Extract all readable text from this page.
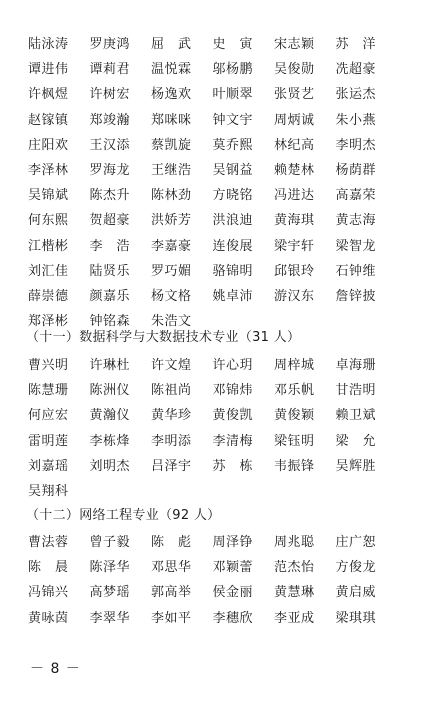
陆泳涛	罗庚鸿	屈　武	史　寅	宋志颖	苏　洋
谭进伟	谭莉君	温悦霖	邬杨鹏	吴俊勋	冼超豪
许枫煜	许树宏	杨逸欢	叶顺翠	张贤艺	张运杰
赵镓镇	郑竣瀚	郑咪咪	钟文宇	周炳诚	朱小燕
庄阳欢	王汉添	蔡凯旋	莫乔熙	林纪高	李明杰
李泽林	罗海龙	王继浩	吴钢益	赖楚林	杨荫群
吴锦斌	陈杰升	陈林劲	方晓铭	冯进达	高嘉荣
何东熙	贺超豪	洪娇芳	洪浪迪	黄海琪	黄志海
江楷彬	李　浩	李嘉豪	连俊展	梁宇轩	梁智龙
刘汇佳	陆贤乐	罗巧媚	骆锦明	邱银玲	石钟维
薛崇德	颜嘉乐	杨文格	姚卓沛	游汉东	詹锌披
郑泽彬	钟铭森	朱浩文
（十一）数据科学与大数据技术专业（31 人）
曹兴明	许琳杜	许文煌	许心玥	周梓城	卓海珊
陈慧珊	陈洲仪	陈祖尚	邓锦炜	邓乐帆	甘浩明
何应宏	黄瀚仪	黄华珍	黄俊凯	黄俊颖	赖卫斌
雷明莲	李栋烽	李明添	李清梅	梁钰明	梁　允
刘嘉瑶	刘明杰	吕泽宇	苏　栋	韦振锋	吴辉胜
吴翔科
（十二）网络工程专业（92 人）
曹法蓉	曾子毅	陈　彪	周泽铮	周兆聪	庄广恕
陈　晨	陈泽华	邓思华	邓颖蕾	范杰怡	方俊龙
冯锦兴	高梦瑶	郭高举	侯金丽	黄慧琳	黄启威
黄咏茵	李翠华	李如平	李穗欣	李亚成	梁琪琪
－ 8 －
